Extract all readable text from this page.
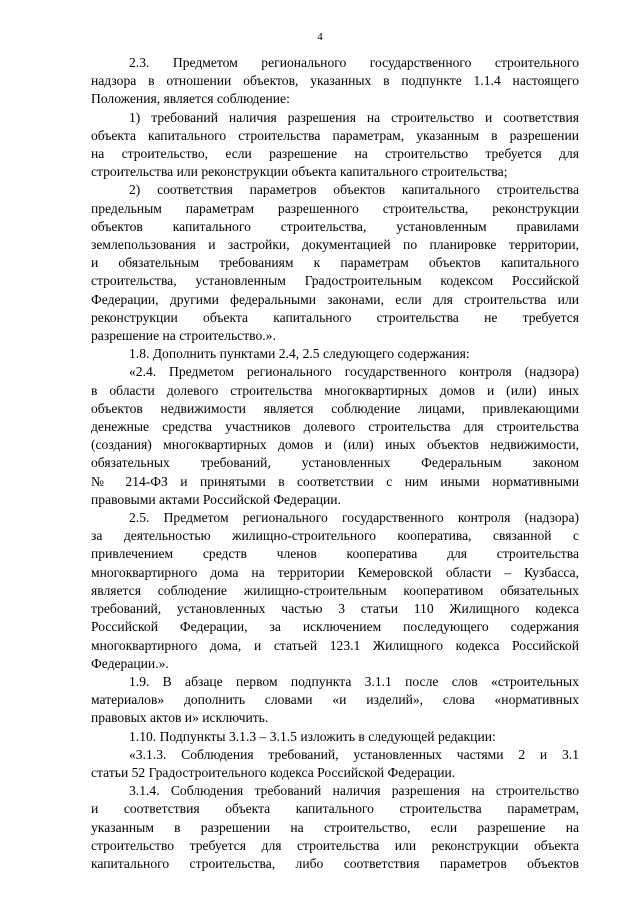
4
2.3. Предметом регионального государственного строительного
надзора в отношении объектов, указанных в подпункте 1.1.4 настоящего
Положения, является соблюдение:
1) требований наличия разрешения на строительство и соответствия
объекта капитального строительства параметрам, указанным в разрешении
на строительство, если разрешение на строительство требуется для
строительства или реконструкции объекта капитального строительства;
2) соответствия параметров объектов капитального строительства
предельным параметрам разрешенного строительства, реконструкции
объектов капитального строительства, установленным правилами
землепользования и застройки, документацией по планировке территории,
и обязательным требованиям к параметрам объектов капитального
строительства, установленным Градостроительным кодексом Российской
Федерации, другими федеральными законами, если для строительства или
реконструкции объекта капитального строительства не требуется
разрешение на строительство.».
1.8. Дополнить пунктами 2.4, 2.5 следующего содержания:
«2.4. Предметом регионального государственного контроля (надзора)
в области долевого строительства многоквартирных домов и (или) иных
объектов недвижимости является соблюдение лицами, привлекающими
денежные средства участников долевого строительства для строительства
(создания) многоквартирных домов и (или) иных объектов недвижимости,
обязательных требований, установленных Федеральным законом
№ 214-ФЗ и принятыми в соответствии с ним иными нормативными
правовыми актами Российской Федерации.
2.5. Предметом регионального государственного контроля (надзора)
за деятельностью жилищно-строительного кооператива, связанной с
привлечением средств членов кооператива для строительства
многоквартирного дома на территории Кемеровской области – Кузбасса,
является соблюдение жилищно-строительным кооперативом обязательных
требований, установленных частью 3 статьи 110 Жилищного кодекса
Российской Федерации, за исключением последующего содержания
многоквартирного дома, и статьей 123.1 Жилищного кодекса Российской
Федерации.».
1.9. В абзаце первом подпункта 3.1.1 после слов «строительных
материалов» дополнить словами «и изделий», слова «нормативных
правовых актов и» исключить.
1.10. Подпункты 3.1.3 – 3.1.5 изложить в следующей редакции:
«3.1.3. Соблюдения требований, установленных частями 2 и 3.1
статьи 52 Градостроительного кодекса Российской Федерации.
3.1.4. Соблюдения требований наличия разрешения на строительство
и соответствия объекта капитального строительства параметрам,
указанным в разрешении на строительство, если разрешение на
строительство требуется для строительства или реконструкции объекта
капитального строительства, либо соответствия параметров объектов
